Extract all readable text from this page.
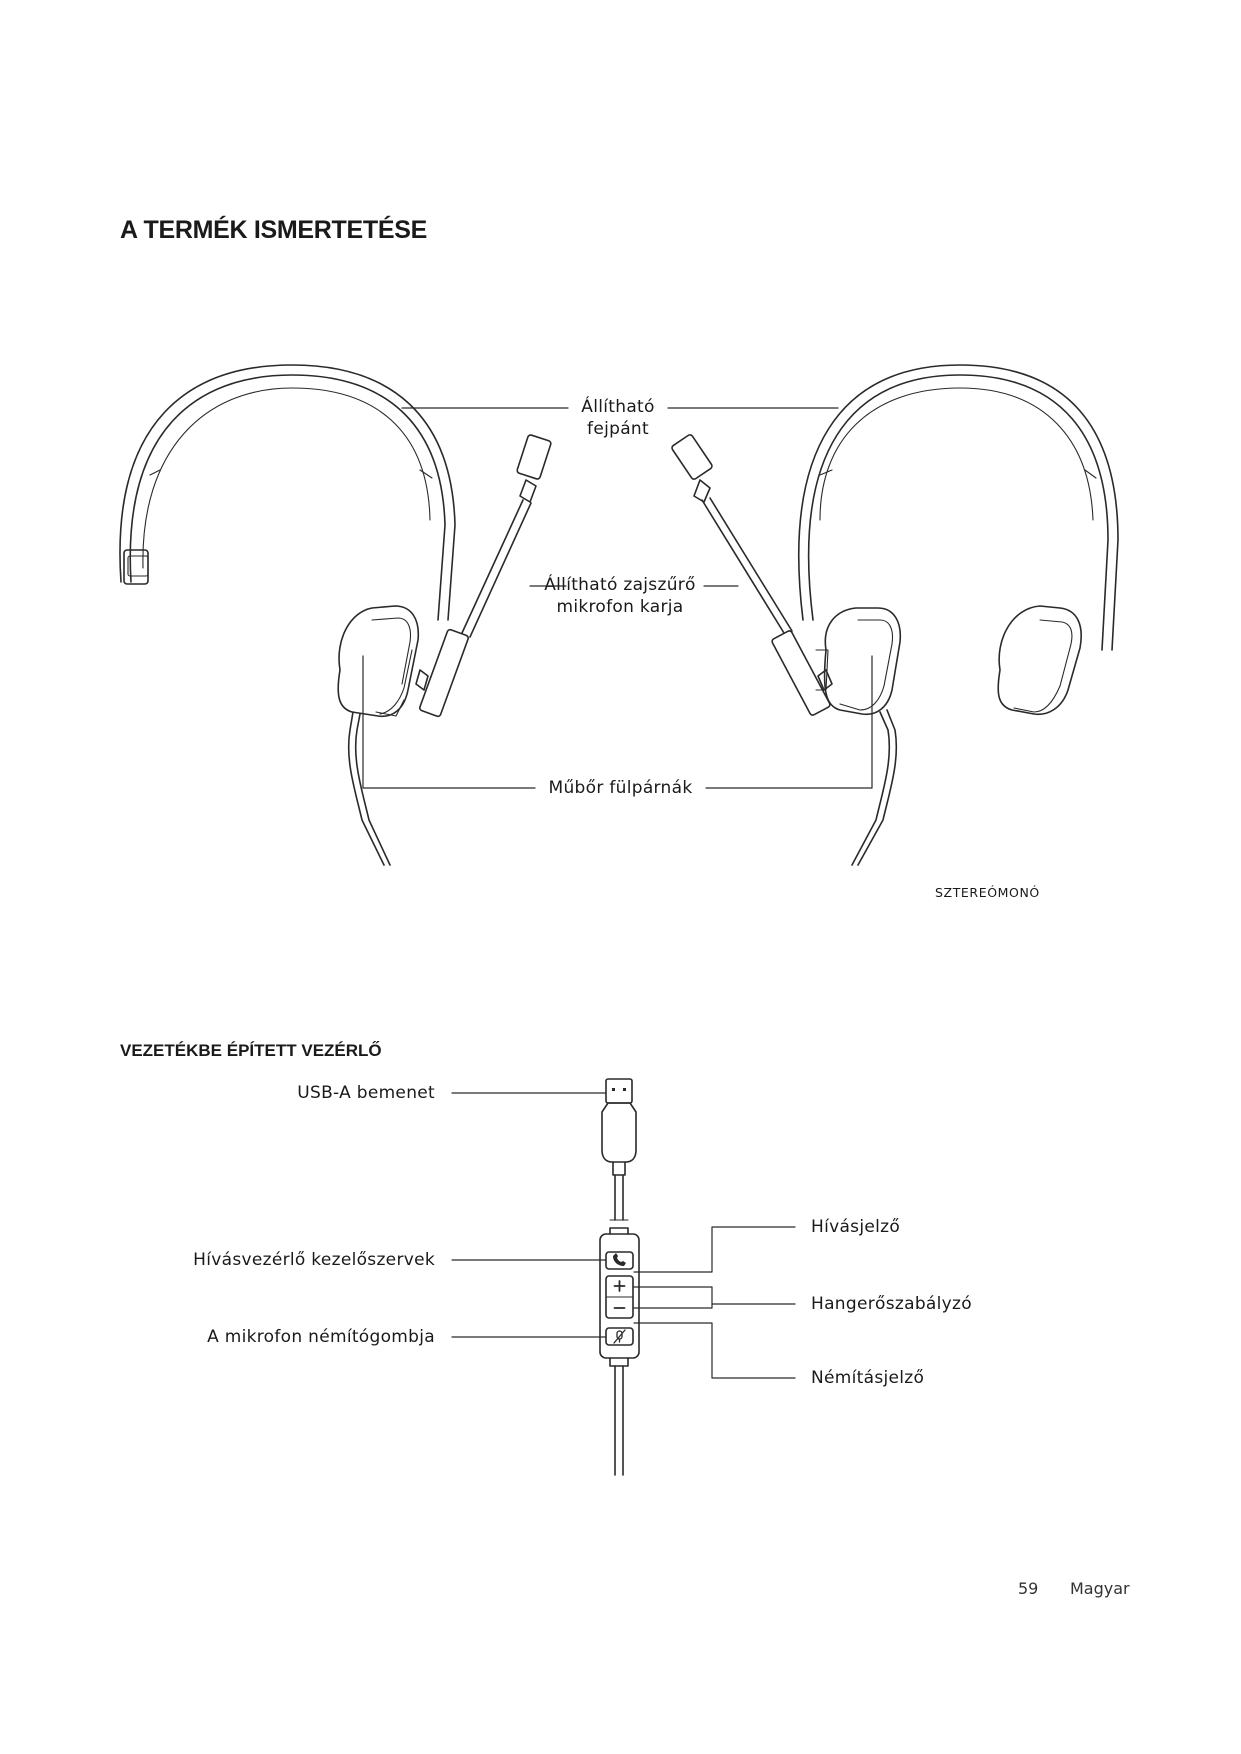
A TERMÉK ISMERTETÉSE
Állítható
fejpánt
Állítható zajszűrő
mikrofon karja
Műbőr fülpárnák
SZTEREÓMONÓ
VEZETÉKBE ÉPÍTETT VEZÉRLŐ
USB-A bemenet
Hívásvezérlő kezelőszervek
A mikrofon némítógombja
Hívásjelző
Hangerőszabályzó
Némításjelző
59 Magyar
